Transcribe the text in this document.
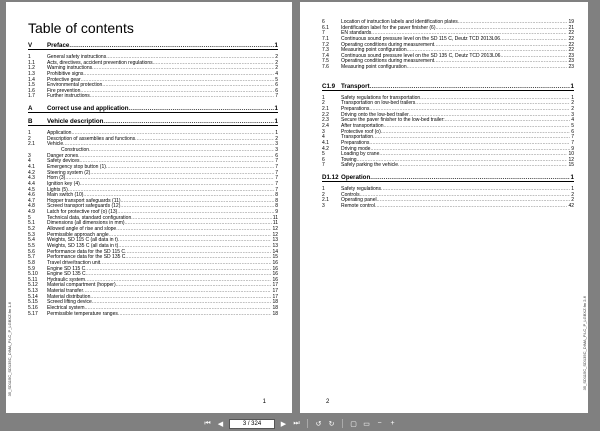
Table of contents
V	Preface .....	1
1	General safety instructions .....	2
1.1	Acts, directives, accident prevention regulations .....	2
1.2	Warning instructions .....	2
1.3	Prohibitive signs .....	4
1.4	Protective gear .....	5
1.5	Environmental protection .....	6
1.6	Fire prevention .....	6
1.7	Further instructions .....	7
A	Correct use and application .....	1
B	Vehicle description .....	1
1	Application .....	1
2	Description of assemblies and functions .....	2
2.1	Vehicle .....	3
Construction .....	3
3	Danger zones .....	6
4	Safety devices .....	7
4.1	Emergency stop button (1) .....	7
4.2	Steering system (2) .....	7
4.3	Horn (3) .....	7
4.4	Ignition key (4) .....	7
4.5	Lights (5) .....	7
4.6	Main switch (10) .....	8
4.7	Hopper transport safeguards (11) .....	8
4.8	Screed transport safeguards (12) .....	8
4.9	Latch for protective roof (o) (13) .....	9
5	Technical data, standard configuration .....	11
5.1	Dimensions (all dimensions in mm) .....	11
5.2	Allowed angle of rise and slope .....	12
5.3	Permissible approach angle .....	12
5.4	Weights, SD 115 C (all data in t) .....	13
5.5	Weights, SD 135 C (all data in t) .....	13
5.6	Performance data for the SD 115 C .....	14
5.7	Performance data for the SD 135 C .....	15
5.8	Travel drive/traction unit .....	16
5.9	Engine SD 115 C .....	16
5.10	Engine SD 135 C .....	16
5.11	Hydraulic system .....	16
5.12	Material compartment (hopper) .....	17
5.13	Material transfer .....	17
5.14	Material distribution .....	17
5.15	Screed lifting device .....	18
5.16	Electrical system .....	18
5.17	Permissible temperature ranges .....	18
35_SD115C_SD135C_DIMA_P.LC_P_LGBXZ.fm 1-6
1
6	Location of instruction labels and identification plates .....	19
6.1	Identification label for the paver finisher (6) .....	21
7	EN standards .....	22
7.1	Continuous sound pressure level on the SD 115 C, Deutz TCD 2013L06 .....	22
7.2	Operating conditions during measurement .....	22
7.3	Measuring point configuration .....	22
7.4	Continuous sound pressure level on the SD 135 C, Deutz TCD 2013L06 .....	23
7.5	Operating conditions during measurement .....	23
7.6	Measuring point configuration .....	23
C1.9 Transport .....	1
1	Safety regulations for transportation .....	1
2	Transportation on low-bed trailers .....	2
2.1	Preparations .....	2
2.2	Driving onto the low-bed trailer .....	3
2.3	Secure the paver finisher to the low-bed trailer: .....	4
2.4	After transportation .....	5
3	Protective roof (o) .....	6
4	Transportation .....	7
4.1	Preparations .....	7
4.2	Driving mode .....	9
5	Loading by crane .....	10
6	Towing .....	12
7	Safely parking the vehicle .....	15
D1.12 Operation .....	1
1	Safety regulations .....	1
2	Controls .....	2
2.1	Operating panel .....	2
3	Remote control .....	42
35_SD115C_SD135C_DIMA_P.LC_P_LGBXZ.fm 2-6
2
⏮ ◀	3 / 324	▶ ⏭ ↺ ↻ ▢ ▭	−	+
